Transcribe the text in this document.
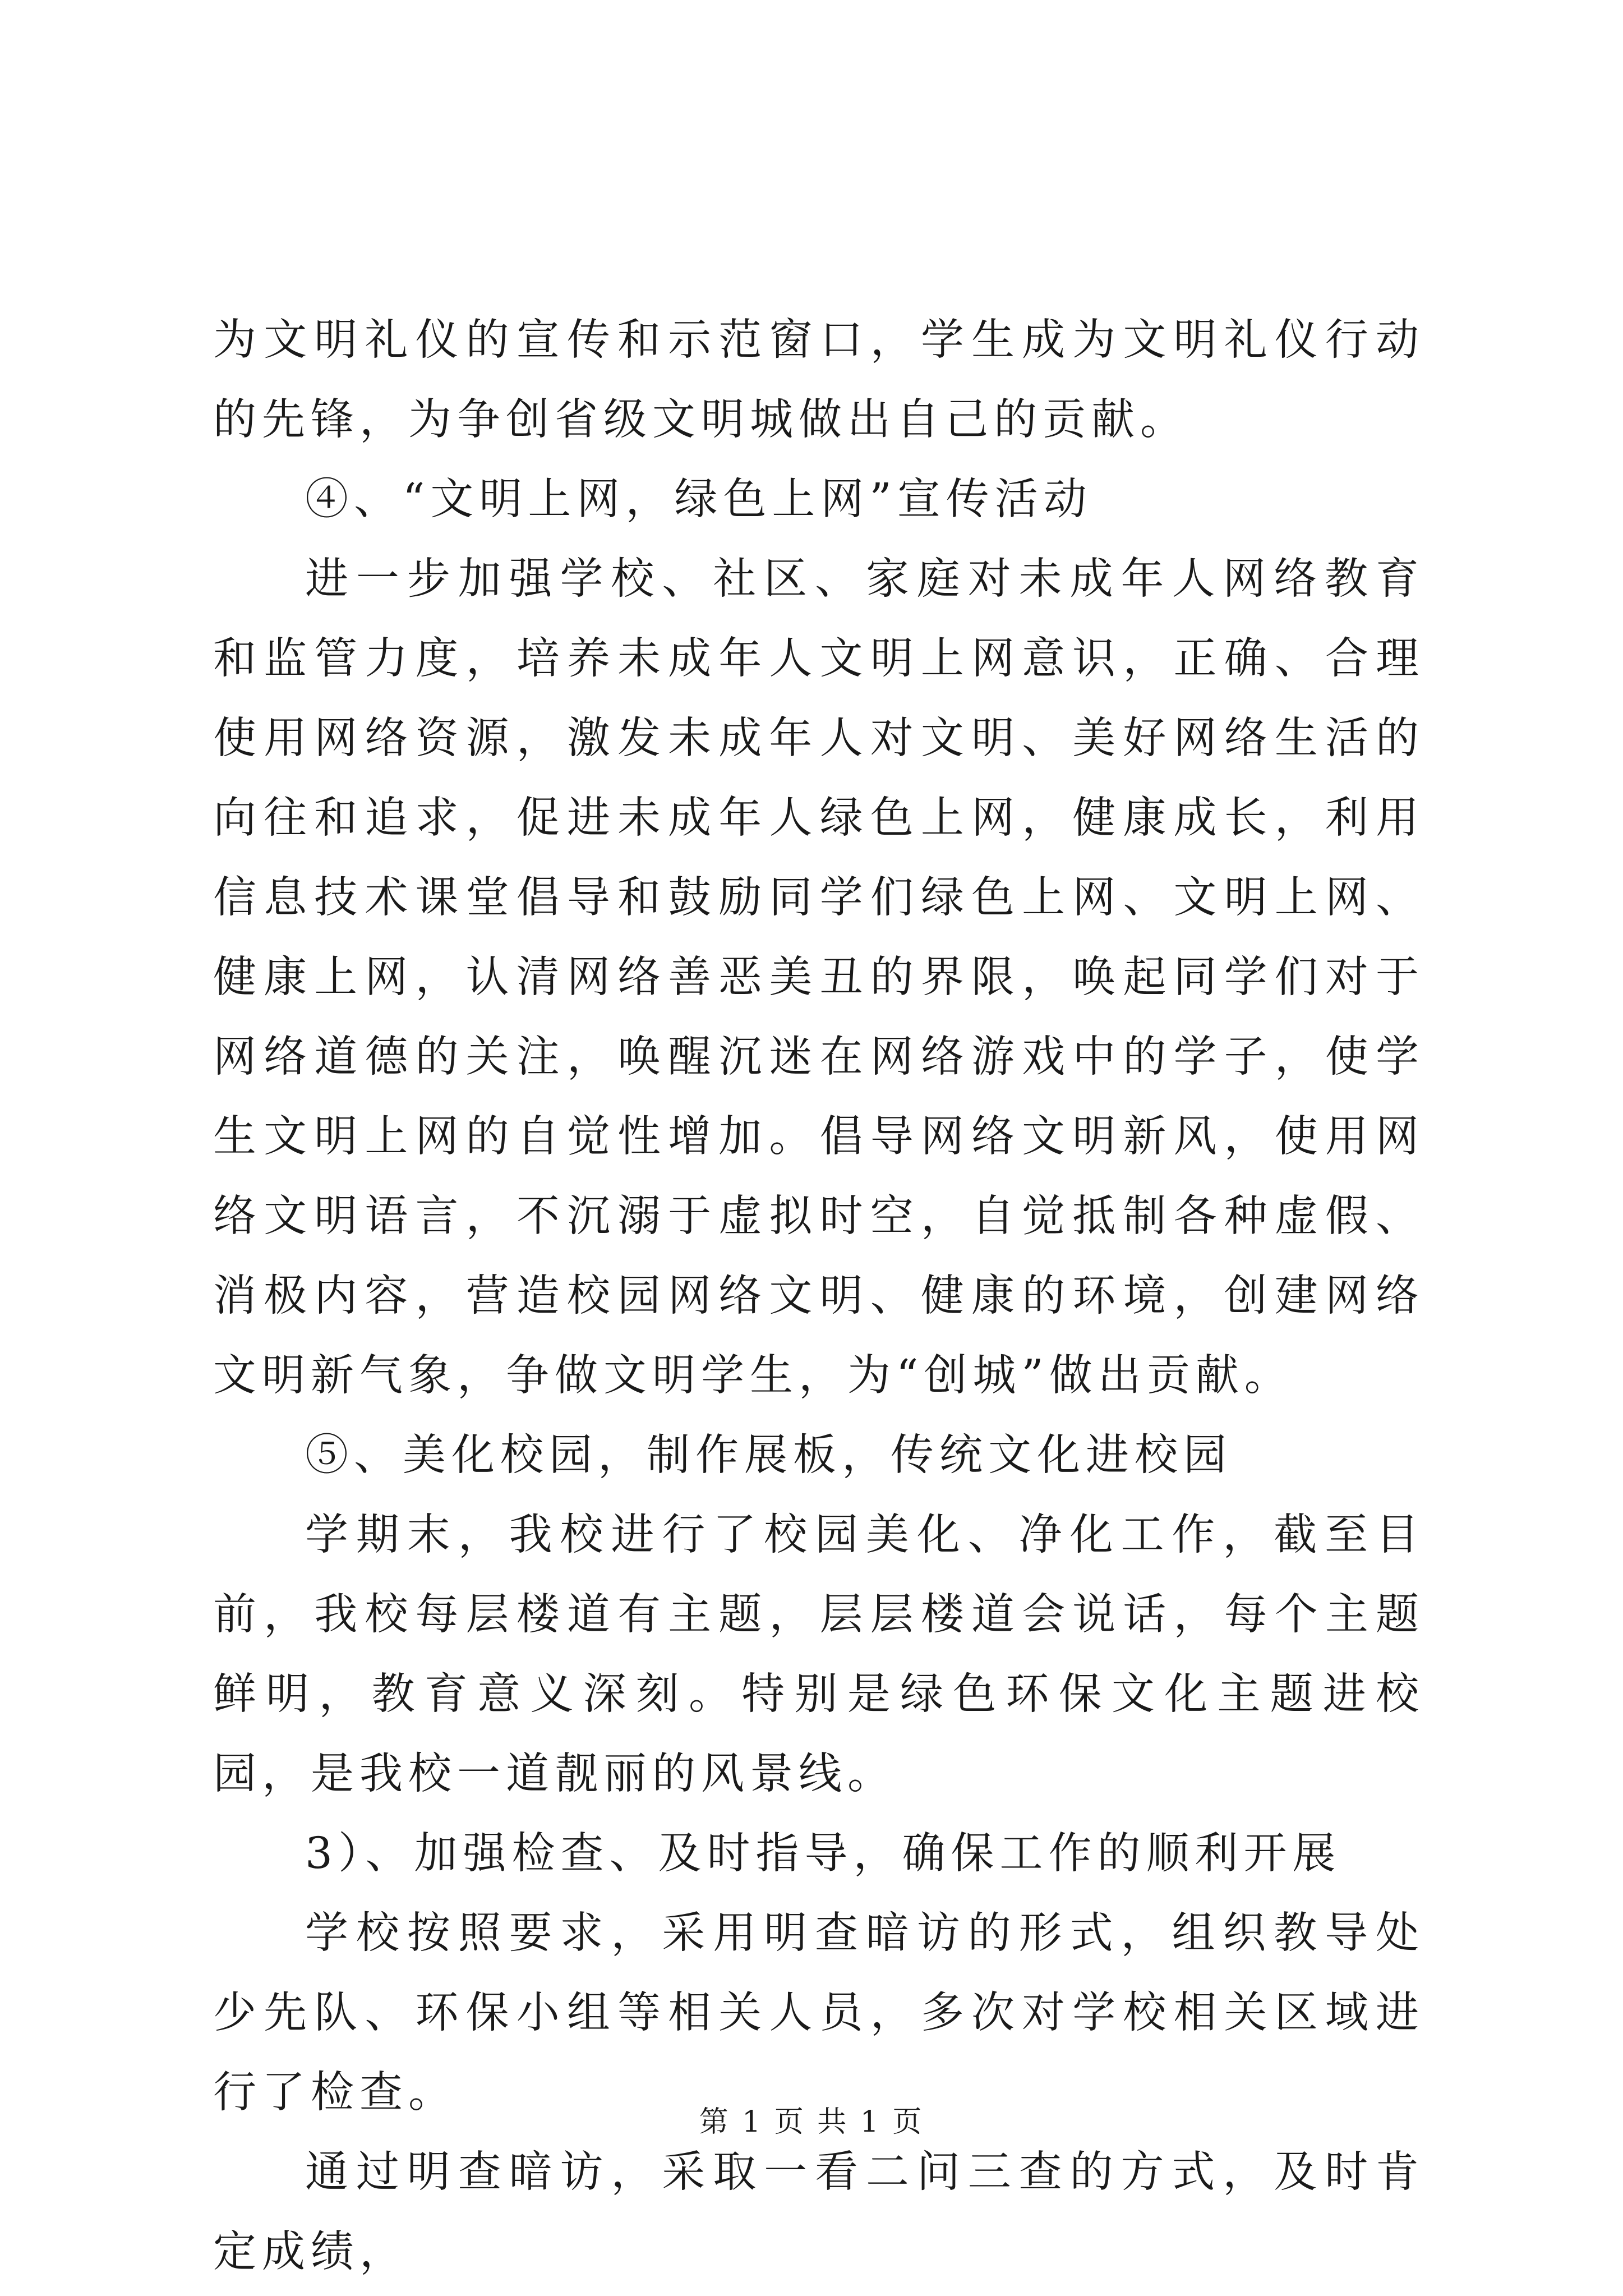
为文明礼仪的宣传和示范窗口，学生成为文明礼仪行动的先锋，为争创省级文明城做出自己的贡献。

④、“文明上网，绿色上网”宣传活动

进一步加强学校、社区、家庭对未成年人网络教育和监管力度，培养未成年人文明上网意识，正确、合理使用网络资源，激发未成年人对文明、美好网络生活的向往和追求，促进未成年人绿色上网，健康成长，利用信息技术课堂倡导和鼓励同学们绿色上网、文明上网、健康上网，认清网络善恶美丑的界限，唤起同学们对于网络道德的关注，唤醒沉迷在网络游戏中的学子，使学生文明上网的自觉性增加。倡导网络文明新风，使用网络文明语言，不沉溺于虚拟时空，自觉抵制各种虚假、消极内容，营造校园网络文明、健康的环境，创建网络文明新气象，争做文明学生，为“创城”做出贡献。

⑤、美化校园，制作展板，传统文化进校园

学期末，我校进行了校园美化、净化工作，截至目前，我校每层楼道有主题，层层楼道会说话，每个主题鲜明，教育意义深刻。特别是绿色环保文化主题进校园，是我校一道靓丽的风景线。

3）、加强检查、及时指导，确保工作的顺利开展

学校按照要求，采用明查暗访的形式，组织教导处少先队、环保小组等相关人员，多次对学校相关区域进行了检查。

通过明查暗访，采取一看二问三查的方式，及时肯定成绩，

第 1 页 共 1 页
